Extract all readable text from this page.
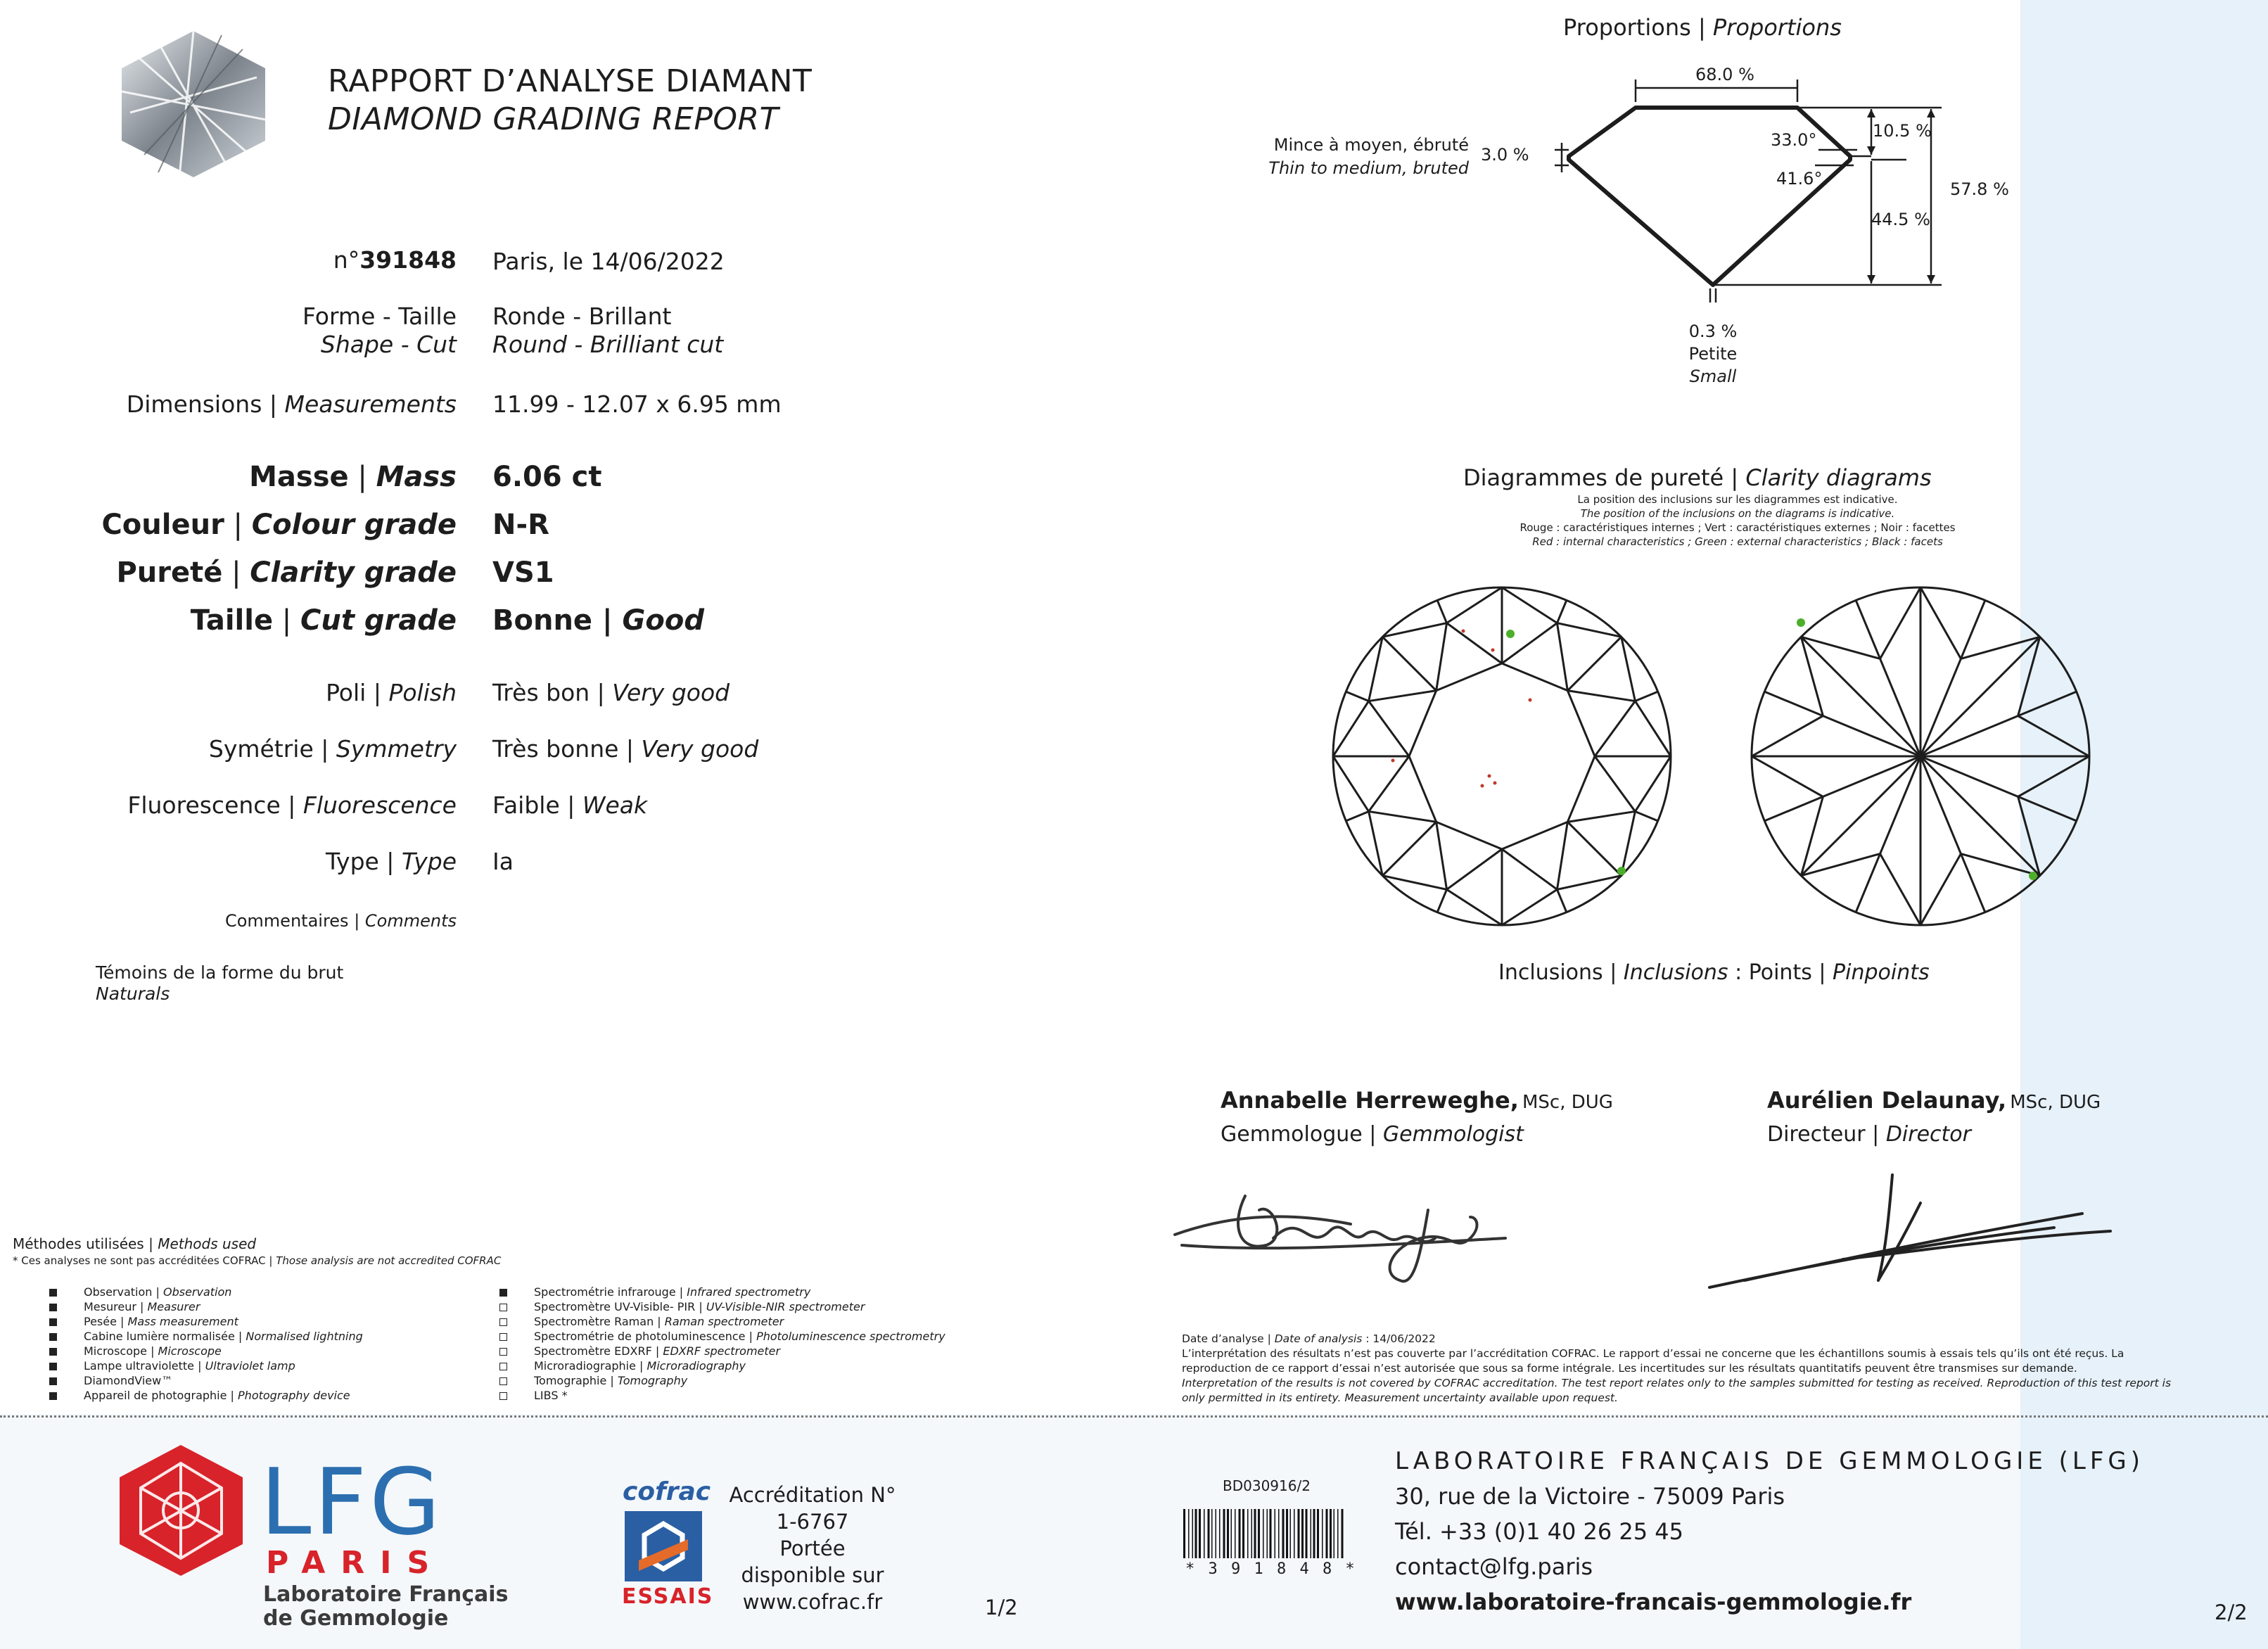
RAPPORT D’ANALYSE DIAMANT
DIAMOND GRADING REPORT
n°391848 Paris, le 14/06/2022
Forme - Taille
Shape - Cut
Ronde - Brillant
Round - Brilliant cut
Dimensions | Measurements 11.99 - 12.07 x 6.95 mm
Masse | Mass 6.06 ct
Couleur | Colour grade N-R
Pureté | Clarity grade VS1
Taille | Cut grade Bonne | Good
Poli | Polish Très bon | Very good
Symétrie | Symmetry Très bonne | Very good
Fluorescence | Fluorescence Faible | Weak
Type | Type Ia
Commentaires | Comments
Témoins de la forme du brut
Naturals
Proportions | Proportions
68.0 %
10.5 %
33.0°
41.6°
44.5 %
57.8 %
3.0 %
Mince à moyen, ébruté
Thin to medium, bruted
0.3 %
Petite
Small
Diagrammes de pureté | Clarity diagrams
La position des inclusions sur les diagrammes est indicative.
The position of the inclusions on the diagrams is indicative.
Rouge : caractéristiques internes ; Vert : caractéristiques externes ; Noir : facettes
Red : internal characteristics ; Green : external characteristics ; Black : facets
Inclusions | Inclusions : Points | Pinpoints
Annabelle Herreweghe, MSc, DUG
Gemmologue | Gemmologist
Aurélien Delaunay, MSc, DUG
Directeur | Director
Méthodes utilisées | Methods used
* Ces analyses ne sont pas accréditées COFRAC | Those analysis are not accredited COFRAC
Observation | Observation
Mesureur | Measurer
Pesée | Mass measurement
Cabine lumière normalisée | Normalised lightning
Microscope | Microscope
Lampe ultraviolette | Ultraviolet lamp
DiamondView™
Appareil de photographie | Photography device
Spectrométrie infrarouge | Infrared spectrometry
Spectromètre UV-Visible- PIR | UV-Visible-NIR spectrometer
Spectromètre Raman | Raman spectrometer
Spectrométrie de photoluminescence | Photoluminescence spectrometry
Spectromètre EDXRF | EDXRF spectrometer
Microradiographie | Microradiography
Tomographie | Tomography
LIBS *
Date d’analyse | Date of analysis : 14/06/2022
L’interprétation des résultats n’est pas couverte par l’accréditation COFRAC. Le rapport d’essai ne concerne que les échantillons soumis à essais tels qu’ils ont été reçus. La
reproduction de ce rapport d’essai n’est autorisée que sous sa forme intégrale. Les incertitudes sur les résultats quantitatifs peuvent être transmises sur demande.
Interpretation of the results is not covered by COFRAC accreditation. The test report relates only to the samples submitted for testing as received. Reproduction of this test report is
only permitted in its entirety. Measurement uncertainty available upon request.
LFG
PARIS
Laboratoire Français
de Gemmologie
cofrac
ESSAIS
Accréditation N°
1-6767
Portée
disponible sur
www.cofrac.fr	1/2
BD030916/2
* 3 9 1 8 4 8 *
LABORATOIRE FRANÇAIS DE GEMMOLOGIE (LFG)
30, rue de la Victoire - 75009 Paris
Tél. +33 (0)1 40 26 25 45
contact@lfg.paris
www.laboratoire-francais-gemmologie.fr	2/2
